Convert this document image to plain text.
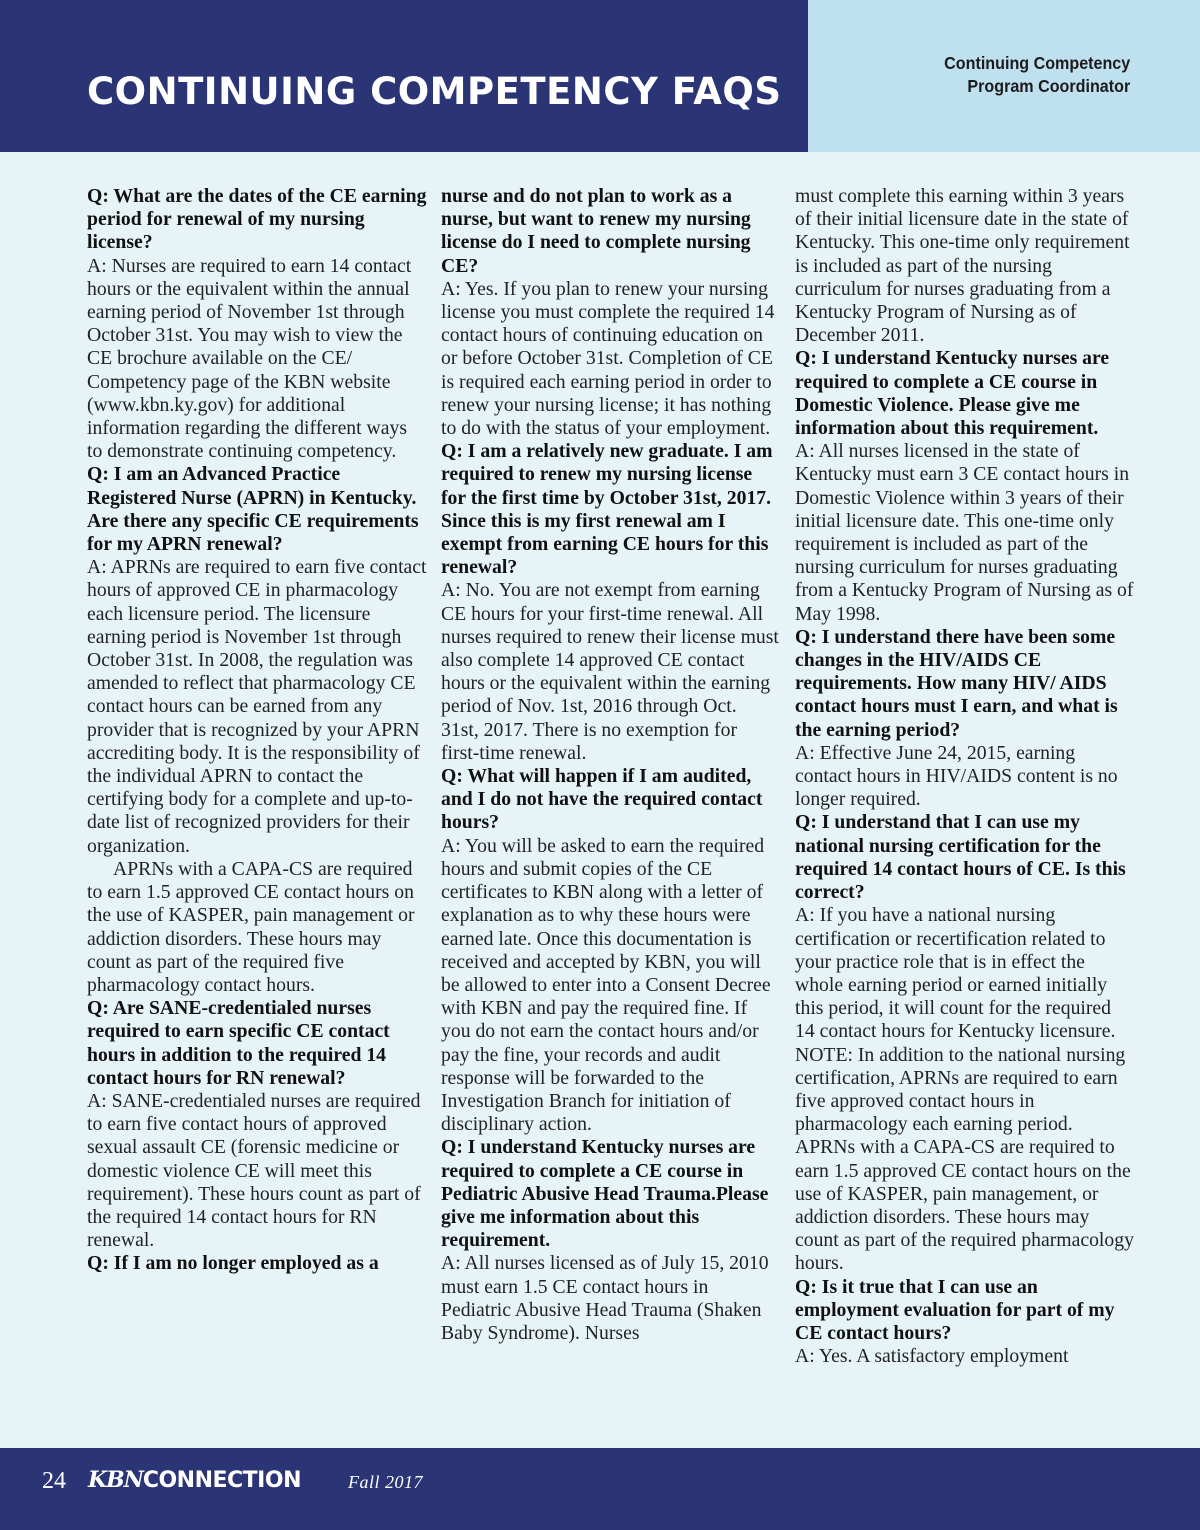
CONTINUING COMPETENCY FAQS
Continuing Competency
Program Coordinator

Q: What are the dates of the CE earning period for renewal of my nursing license?

A: Nurses are required to earn 14 contact hours or the equivalent within the annual earning period of November 1st through October 31st. You may wish to view the CE brochure available on the CE/ Competency page of the KBN website (www.kbn.ky.gov) for additional information regarding the different ways to demonstrate continuing competency.

Q: I am an Advanced Practice Registered Nurse (APRN) in Kentucky. Are there any specific CE requirements for my APRN renewal?

A: APRNs are required to earn five contact hours of approved CE in pharmacology each licensure period. The licensure earning period is November 1st through October 31st. In 2008, the regulation was amended to reflect that pharmacology CE contact hours can be earned from any provider that is recognized by your APRN accrediting body. It is the responsibility of the individual APRN to contact the certifying body for a complete and up-to-date list of recognized providers for their organization.

APRNs with a CAPA-CS are required to earn 1.5 approved CE contact hours on the use of KASPER, pain management or addiction disorders. These hours may count as part of the required five pharmacology contact hours.

Q: Are SANE-credentialed nurses required to earn specific CE contact hours in addition to the required 14 contact hours for RN renewal?

A: SANE-credentialed nurses are required to earn five contact hours of approved sexual assault CE (forensic medicine or domestic violence CE will meet this requirement). These hours count as part of the required 14 contact hours for RN renewal.

Q: If I am no longer employed as a

nurse and do not plan to work as a nurse, but want to renew my nursing license do I need to complete nursing CE?

A: Yes. If you plan to renew your nursing license you must complete the required 14 contact hours of continuing education on or before October 31st. Completion of CE is required each earning period in order to renew your nursing license; it has nothing to do with the status of your employment.

Q: I am a relatively new graduate. I am required to renew my nursing license for the first time by October 31st, 2017. Since this is my first renewal am I exempt from earning CE hours for this renewal?

A: No. You are not exempt from earning CE hours for your first-time renewal. All nurses required to renew their license must also complete 14 approved CE contact hours or the equivalent within the earning period of Nov. 1st, 2016 through Oct. 31st, 2017. There is no exemption for first-time renewal.

Q: What will happen if I am audited, and I do not have the required contact hours?

A: You will be asked to earn the required hours and submit copies of the CE certificates to KBN along with a letter of explanation as to why these hours were earned late. Once this documentation is received and accepted by KBN, you will be allowed to enter into a Consent Decree with KBN and pay the required fine. If you do not earn the contact hours and/or pay the fine, your records and audit response will be forwarded to the Investigation Branch for initiation of disciplinary action.

Q: I understand Kentucky nurses are required to complete a CE course in Pediatric Abusive Head Trauma.Please give me information about this requirement.

A: All nurses licensed as of July 15, 2010 must earn 1.5 CE contact hours in Pediatric Abusive Head Trauma (Shaken Baby Syndrome). Nurses

must complete this earning within 3 years of their initial licensure date in the state of Kentucky. This one-time only requirement is included as part of the nursing curriculum for nurses graduating from a Kentucky Program of Nursing as of December 2011.

Q: I understand Kentucky nurses are required to complete a CE course in Domestic Violence. Please give me information about this requirement.

A: All nurses licensed in the state of Kentucky must earn 3 CE contact hours in Domestic Violence within 3 years of their initial licensure date. This one-time only requirement is included as part of the nursing curriculum for nurses graduating from a Kentucky Program of Nursing as of May 1998.

Q: I understand there have been some changes in the HIV/AIDS CE requirements. How many HIV/ AIDS contact hours must I earn, and what is the earning period?

A: Effective June 24, 2015, earning contact hours in HIV/AIDS content is no longer required.

Q: I understand that I can use my national nursing certification for the required 14 contact hours of CE. Is this correct?

A: If you have a national nursing certification or recertification related to your practice role that is in effect the whole earning period or earned initially this period, it will count for the required 14 contact hours for Kentucky licensure. NOTE: In addition to the national nursing certification, APRNs are required to earn five approved contact hours in pharmacology each earning period. APRNs with a CAPA-CS are required to earn 1.5 approved CE contact hours on the use of KASPER, pain management, or addiction disorders. These hours may count as part of the required pharmacology hours.

Q: Is it true that I can use an employment evaluation for part of my CE contact hours?

A: Yes. A satisfactory employment

24 KBNCONNECTION	Fall 2017
